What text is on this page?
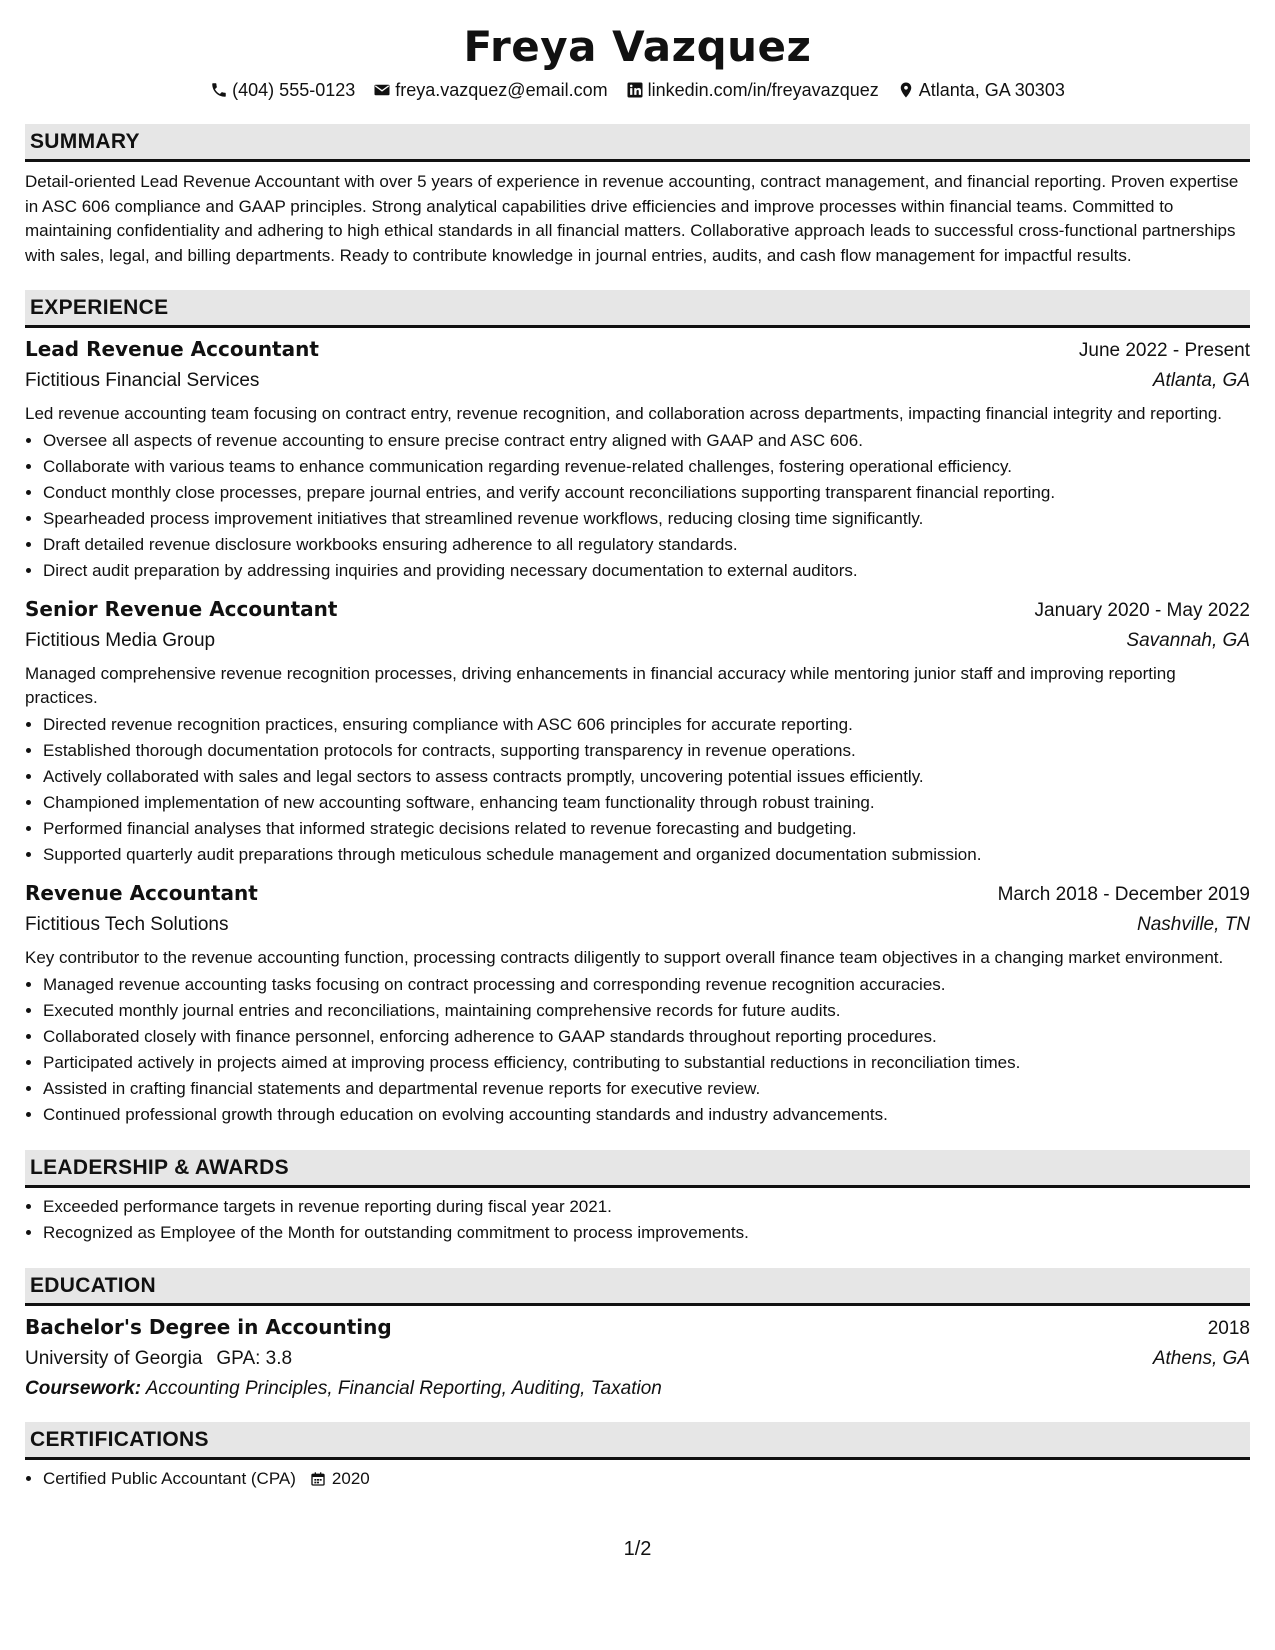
Freya Vazquez
(404) 555-0123 freya.vazquez@email.com linkedin.com/in/freyavazquez Atlanta, GA 30303
SUMMARY
Detail-oriented Lead Revenue Accountant with over 5 years of experience in revenue accounting, contract management, and financial reporting. Proven expertise in ASC 606 compliance and GAAP principles. Strong analytical capabilities drive efficiencies and improve processes within financial teams. Committed to maintaining confidentiality and adhering to high ethical standards in all financial matters. Collaborative approach leads to successful cross-functional partnerships with sales, legal, and billing departments. Ready to contribute knowledge in journal entries, audits, and cash flow management for impactful results.
EXPERIENCE
Lead Revenue Accountant	June 2022 - Present
Fictitious Financial Services	Atlanta, GA
Led revenue accounting team focusing on contract entry, revenue recognition, and collaboration across departments, impacting financial integrity and reporting.
• Oversee all aspects of revenue accounting to ensure precise contract entry aligned with GAAP and ASC 606.
• Collaborate with various teams to enhance communication regarding revenue-related challenges, fostering operational efficiency.
• Conduct monthly close processes, prepare journal entries, and verify account reconciliations supporting transparent financial reporting.
• Spearheaded process improvement initiatives that streamlined revenue workflows, reducing closing time significantly.
• Draft detailed revenue disclosure workbooks ensuring adherence to all regulatory standards.
• Direct audit preparation by addressing inquiries and providing necessary documentation to external auditors.
Senior Revenue Accountant	January 2020 - May 2022
Fictitious Media Group	Savannah, GA
Managed comprehensive revenue recognition processes, driving enhancements in financial accuracy while mentoring junior staff and improving reporting practices.
• Directed revenue recognition practices, ensuring compliance with ASC 606 principles for accurate reporting.
• Established thorough documentation protocols for contracts, supporting transparency in revenue operations.
• Actively collaborated with sales and legal sectors to assess contracts promptly, uncovering potential issues efficiently.
• Championed implementation of new accounting software, enhancing team functionality through robust training.
• Performed financial analyses that informed strategic decisions related to revenue forecasting and budgeting.
• Supported quarterly audit preparations through meticulous schedule management and organized documentation submission.
Revenue Accountant	March 2018 - December 2019
Fictitious Tech Solutions	Nashville, TN
Key contributor to the revenue accounting function, processing contracts diligently to support overall finance team objectives in a changing market environment.
• Managed revenue accounting tasks focusing on contract processing and corresponding revenue recognition accuracies.
• Executed monthly journal entries and reconciliations, maintaining comprehensive records for future audits.
• Collaborated closely with finance personnel, enforcing adherence to GAAP standards throughout reporting procedures.
• Participated actively in projects aimed at improving process efficiency, contributing to substantial reductions in reconciliation times.
• Assisted in crafting financial statements and departmental revenue reports for executive review.
• Continued professional growth through education on evolving accounting standards and industry advancements.
LEADERSHIP & AWARDS
• Exceeded performance targets in revenue reporting during fiscal year 2021.
• Recognized as Employee of the Month for outstanding commitment to process improvements.
EDUCATION
Bachelor's Degree in Accounting	2018
University of Georgia GPA: 3.8	Athens, GA
Coursework: Accounting Principles, Financial Reporting, Auditing, Taxation
CERTIFICATIONS
• Certified Public Accountant (CPA) 2020
1/2
